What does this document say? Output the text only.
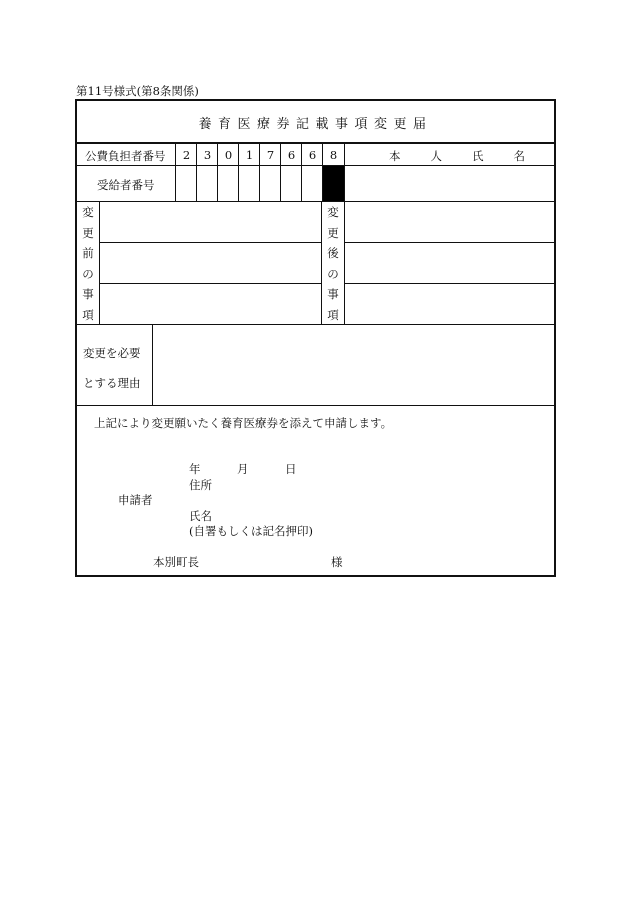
第11号様式(第8条関係)
養育医療券記載事項変更届
公費負担者番号	2	3	0	1	7	6	6	8	本人氏名
受給者番号
変
更
前
の
事
項
変
更
後
の
事
項
変更を必要
とする理由
上記により変更願いたく養育医療券を添えて申請します。
年	月	日
住所
申請者
氏名
(自署もしくは記名押印)
本別町長	様
